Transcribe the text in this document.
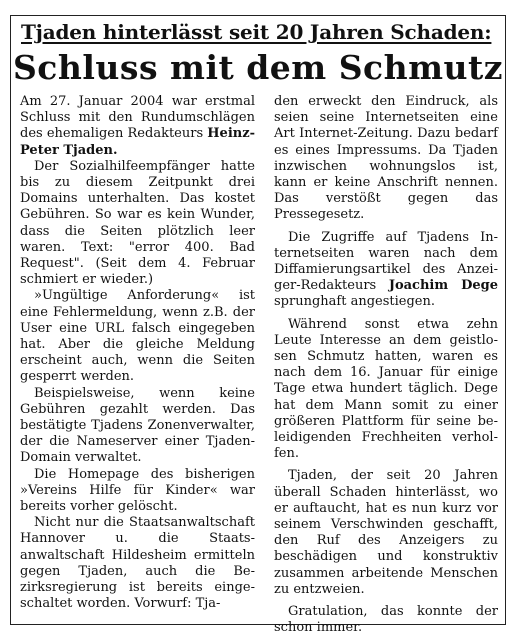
Tjaden hinterlässt seit 20 Jahren Schaden:
Schluss mit dem Schmutz

Am 27. Januar 2004 war erstmal Schluss mit den Rundumschlägen des ehemaligen Redakteurs Heinz-Peter Tjaden.

Der Sozialhilfeempfänger hatte bis zu diesem Zeitpunkt drei Domains unterhalten. Das kostet Gebühren. So war es kein Wunder, dass die Seiten plötzlich leer waren. Text: "error 400. Bad Request". (Seit dem 4. Februar schmiert er wieder.)

»Ungültige Anforderung« ist eine Fehlermeldung, wenn z.B. der User eine URL falsch eingegeben hat. Aber die gleiche Meldung erscheint auch, wenn die Seiten gesperrt werden.

Beispielsweise, wenn keine Gebühren gezahlt werden. Das bestätigte Tjadens Zonenverwalter, der die Nameserver einer Tjaden-Domain verwaltet.

Die Homepage des bisherigen »Vereins Hilfe für Kinder« war bereits vorher gelöscht.

Nicht nur die Staatsanwaltschaft Hannover u. die Staatsanwaltschaft Hildesheim ermitteln gegen Tjaden, auch die Bezirksregierung ist bereits eingeschaltet worden. Vorwurf: Tja-

den erweckt den Eindruck, als seien seine Internetseiten eine Art Internet-Zeitung. Dazu bedarf es eines Impressums. Da Tjaden inzwischen wohnungslos ist, kann er keine Anschrift nennen. Das verstößt gegen das Pressegesetz.

Die Zugriffe auf Tjadens Internetseiten waren nach dem Diffamierungsartikel des Anzeiger-Redakteurs Joachim Dege sprunghaft angestiegen.

Während sonst etwa zehn Leute Interesse an dem geistlosen Schmutz hatten, waren es nach dem 16. Januar für einige Tage etwa hundert täglich. Dege hat dem Mann somit zu einer größeren Plattform für seine beleidigenden Frechheiten verholfen.

Tjaden, der seit 20 Jahren überall Schaden hinterlässt, wo er auftaucht, hat es nun kurz vor seinem Verschwinden geschafft, den Ruf des Anzeigers zu beschädigen und konstruktiv zusammen arbeitende Menschen zu entzweien.

Gratulation, das konnte der schon immer.
